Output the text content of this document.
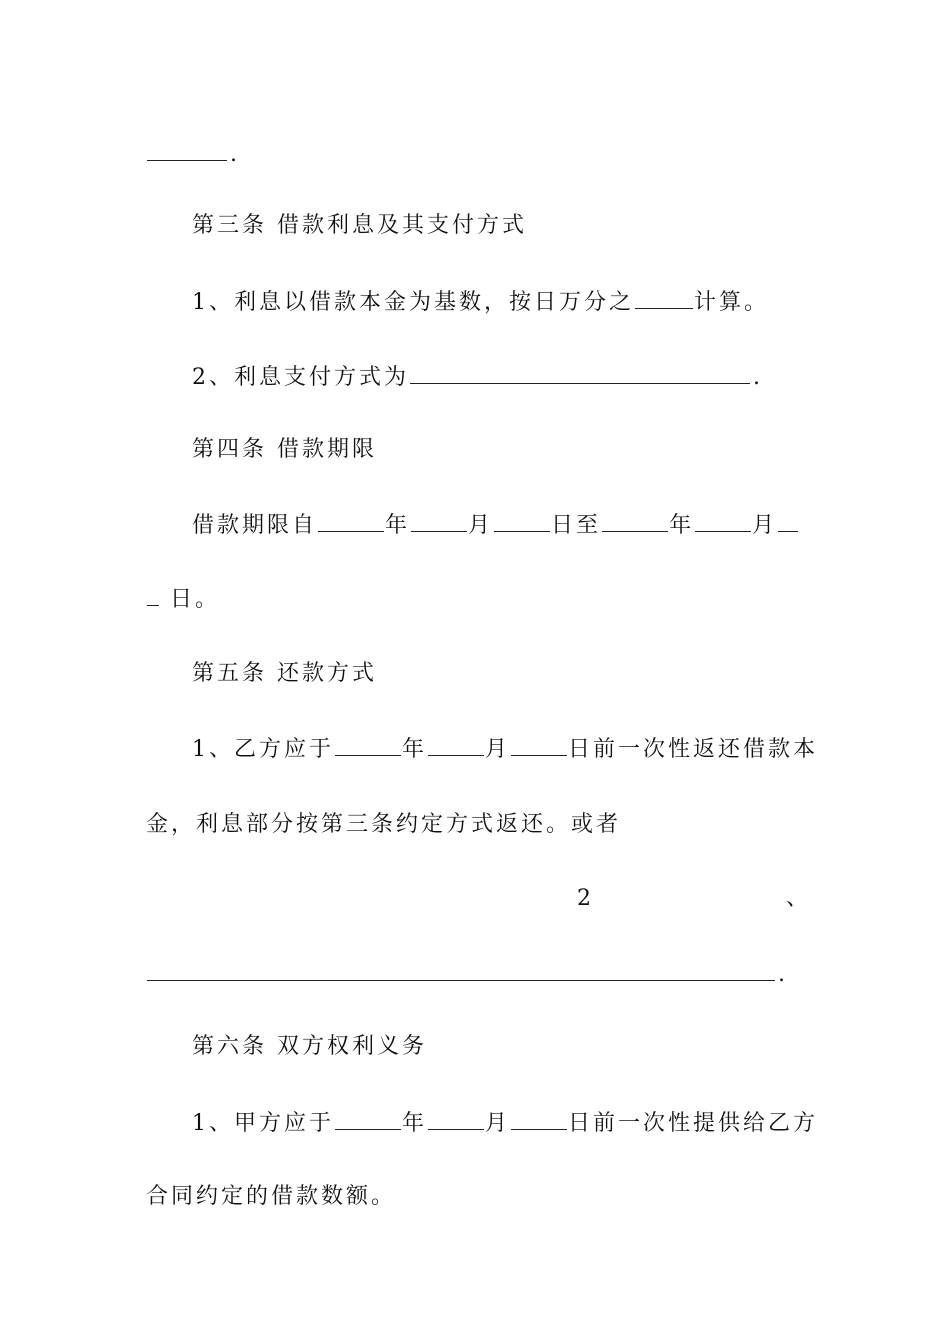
.
第三条 借款利息及其支付方式
1、利息以借款本金为基数，按日万分之	计算。
2、利息支付方式为	.
第四条 借款期限
借款期限自	年	月	日至	年	月
日。
第五条 还款方式
1、乙方应于	年	月	日前一次性返还借款本
金，利息部分按第三条约定方式返还。或者
2	、
.
第六条 双方权利义务
1、甲方应于	年	月	日前一次性提供给乙方
合同约定的借款数额。
